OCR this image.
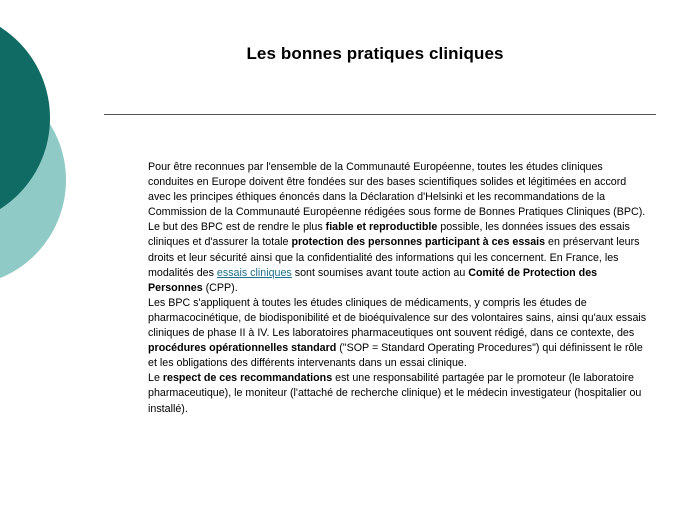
Les bonnes pratiques cliniques

Pour être reconnues par l'ensemble de la Communauté Européenne, toutes les études cliniques conduites en Europe doivent être fondées sur des bases scientifiques solides et légitimées en accord avec les principes éthiques énoncés dans la Déclaration d'Helsinki et les recommandations de la Commission de la Communauté Européenne rédigées sous forme de Bonnes Pratiques Cliniques (BPC).

Le but des BPC est de rendre le plus fiable et reproductible possible, les données issues des essais cliniques et d'assurer la totale protection des personnes participant à ces essais en préservant leurs droits et leur sécurité ainsi que la confidentialité des informations qui les concernent. En France, les modalités des essais cliniques sont soumises avant toute action au Comité de Protection des Personnes (CPP).

Les BPC s'appliquent à toutes les études cliniques de médicaments, y compris les études de pharmacocinétique, de biodisponibilité et de bioéquivalence sur des volontaires sains, ainsi qu'aux essais cliniques de phase II à IV. Les laboratoires pharmaceutiques ont souvent rédigé, dans ce contexte, des procédures opérationnelles standard ("SOP = Standard Operating Procedures") qui définissent le rôle et les obligations des différents intervenants dans un essai clinique.

Le respect de ces recommandations est une responsabilité partagée par le promoteur (le laboratoire pharmaceutique), le moniteur (l'attaché de recherche clinique) et le médecin investigateur (hospitalier ou installé).
